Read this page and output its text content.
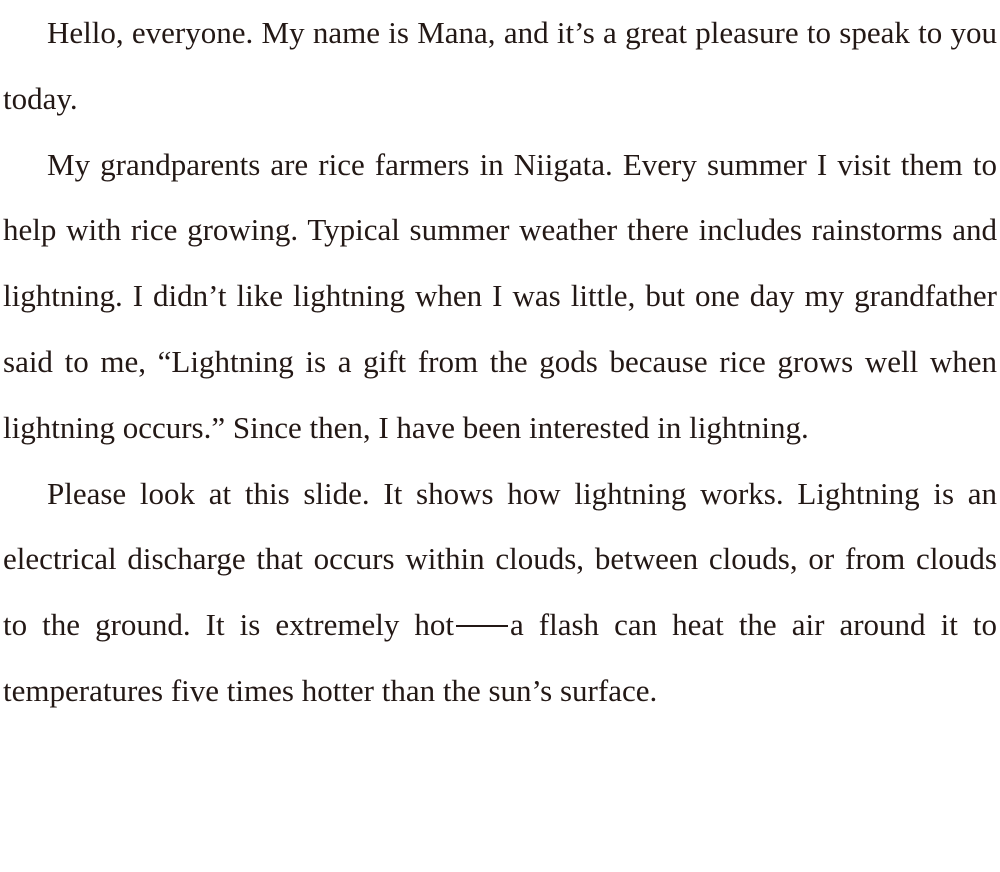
Hello, everyone. My name is Mana, and it’s a great pleasure to speak to you today.

My grandparents are rice farmers in Niigata. Every summer I visit them to help with rice growing. Typical summer weather there includes rainstorms and lightning. I didn’t like lightning when I was little, but one day my grandfather said to me, “Lightning is a gift from the gods because rice grows well when lightning occurs.” Since then, I have been interested in lightning.

Please look at this slide. It shows how lightning works. Lightning is an electrical discharge that occurs within clouds, between clouds, or from clouds to the ground. It is extremely hot a flash can heat the air around it to temperatures five times hotter than the sun’s surface.
